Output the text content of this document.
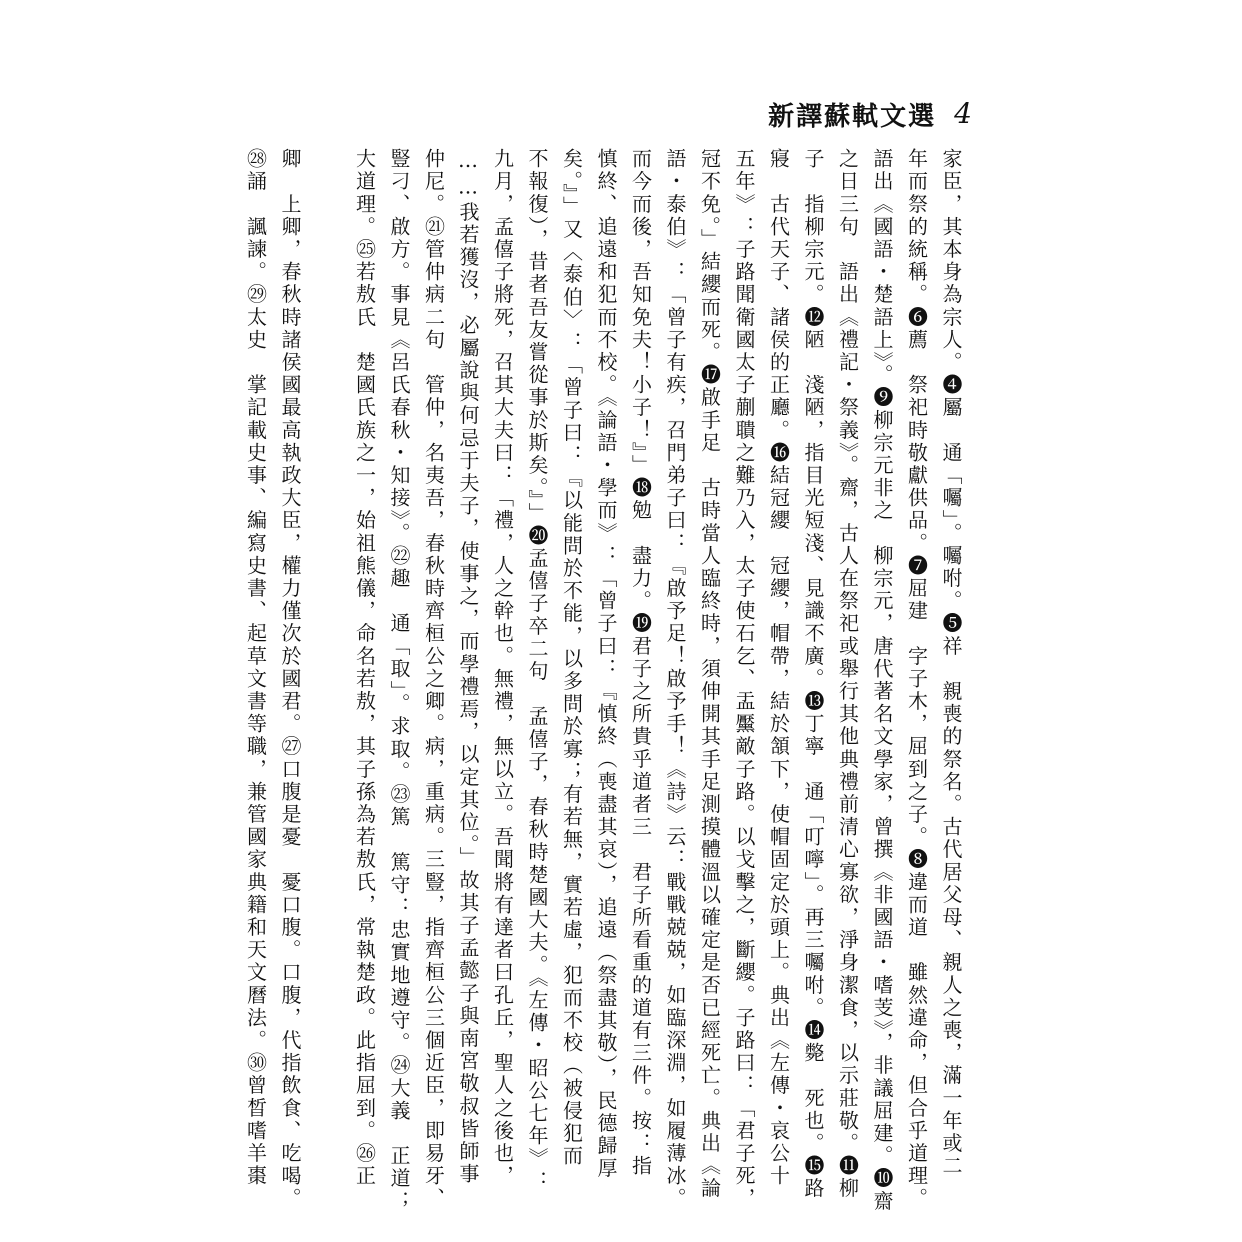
新譯蘇軾文選 4
家臣，其本身為宗人。❹屬　通「囑」。囑咐。❺祥　親喪的祭名。古代居父母、親人之喪，滿一年或二
年而祭的統稱。❻薦　祭祀時敬獻供品。❼屈建　字子木，屈到之子。❽違而道　雖然違命，但合乎道理。
語出《國語・楚語上》。❾柳宗元非之　柳宗元，唐代著名文學家，曾撰《非國語・嗜芰》，非議屈建。❿齋
之日三句　語出《禮記・祭義》。齋，古人在祭祀或舉行其他典禮前清心寡欲，淨身潔食，以示莊敬。⓫柳
子　指柳宗元。⓬陋　淺陋，指目光短淺、見識不廣。⓭丁寧　通「叮嚀」。再三囑咐。⓮斃　死也。⓯路
寢　古代天子、諸侯的正廳。⓰結冠纓　冠纓，帽帶，結於頷下，使帽固定於頭上。典出《左傳・哀公十
五年》：子路聞衛國太子蒯聵之難乃入，太子使石乞、盂黶敵子路。以戈擊之，斷纓。子路曰：「君子死，
冠不免。」結纓而死。⓱啟手足　古時當人臨終時，須伸開其手足測摸體溫以確定是否已經死亡。典出《論
語・泰伯》：「曾子有疾，召門弟子曰：『啟予足！啟予手！《詩》云：戰戰兢兢，如臨深淵，如履薄冰。
而今而後，吾知免夫！小子！』」⓲勉　盡力。⓳君子之所貴乎道者三　君子所看重的道有三件。按：指
慎終、追遠和犯而不校。《論語・學而》：「曾子曰：『慎終（喪盡其哀），追遠（祭盡其敬），民德歸厚
矣。』」又〈泰伯〉：「曾子曰：『以能問於不能，以多問於寡；有若無，實若虛，犯而不校（被侵犯而
不報復），昔者吾友嘗從事於斯矣。』」⓴孟僖子卒二句　孟僖子，春秋時楚國大夫。《左傳・昭公七年》：
九月，孟僖子將死，召其大夫曰：「禮，人之幹也。無禮，無以立。吾聞將有達者曰孔丘，聖人之後也，
……我若獲沒，必屬說與何忌于夫子，使事之，而學禮焉，以定其位。」故其子孟懿子與南宮敬叔皆師事
仲尼。㉑管仲病二句　管仲，名夷吾，春秋時齊桓公之卿。病，重病。三豎，指齊桓公三個近臣，即易牙、
豎刁、啟方。事見《呂氏春秋・知接》。㉒趣　通「取」。求取。㉓篤　篤守：忠實地遵守。㉔大義　正道；
大道理。㉕若敖氏　楚國氏族之一，始祖熊儀，命名若敖，其子孫為若敖氏，常執楚政。此指屈到。㉖正
卿　上卿，春秋時諸侯國最高執政大臣，權力僅次於國君。㉗口腹是憂　憂口腹。口腹，代指飲食、吃喝。
㉘誦　諷諫。㉙太史　掌記載史事、編寫史書、起草文書等職，兼管國家典籍和天文曆法。㉚曾晳嗜羊棗
